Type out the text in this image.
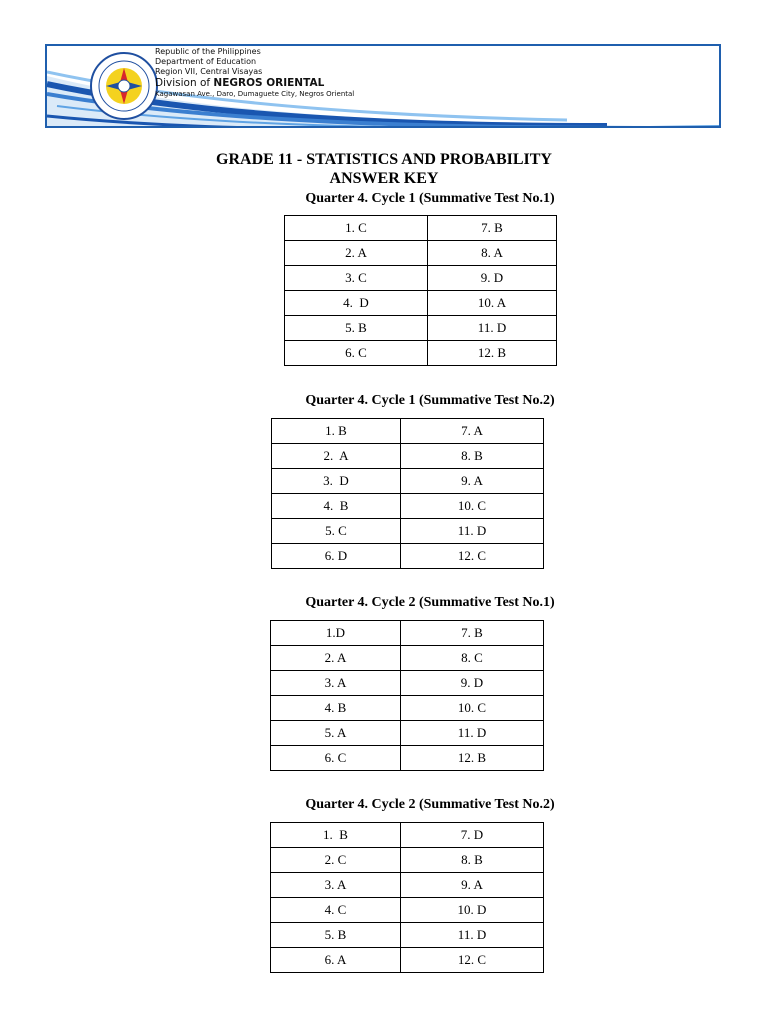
Republic of the Philippines
Department of Education
Region VII, Central Visayas
Division of NEGROS ORIENTAL
Kagawasan Ave., Daro, Dumaguete City, Negros Oriental
GRADE 11 - STATISTICS AND PROBABILITY
ANSWER KEY
Quarter 4. Cycle 1 (Summative Test No.1)
1. C	7. B
2. A	8. A
3. C	9. D
4.  D	10. A
5. B	11. D
6. C	12. B
Quarter 4. Cycle 1 (Summative Test No.2)
1. B	7. A
2.  A	8. B
3.  D	9. A
4.  B	10. C
5. C	11. D
6. D	12. C
Quarter 4. Cycle 2 (Summative Test No.1)
1.D	7. B
2. A	8. C
3. A	9. D
4. B	10. C
5. A	11. D
6. C	12. B
Quarter 4. Cycle 2 (Summative Test No.2)
1.  B	7. D
2. C	8. B
3. A	9. A
4. C	10. D
5. B	11. D
6. A	12. C
